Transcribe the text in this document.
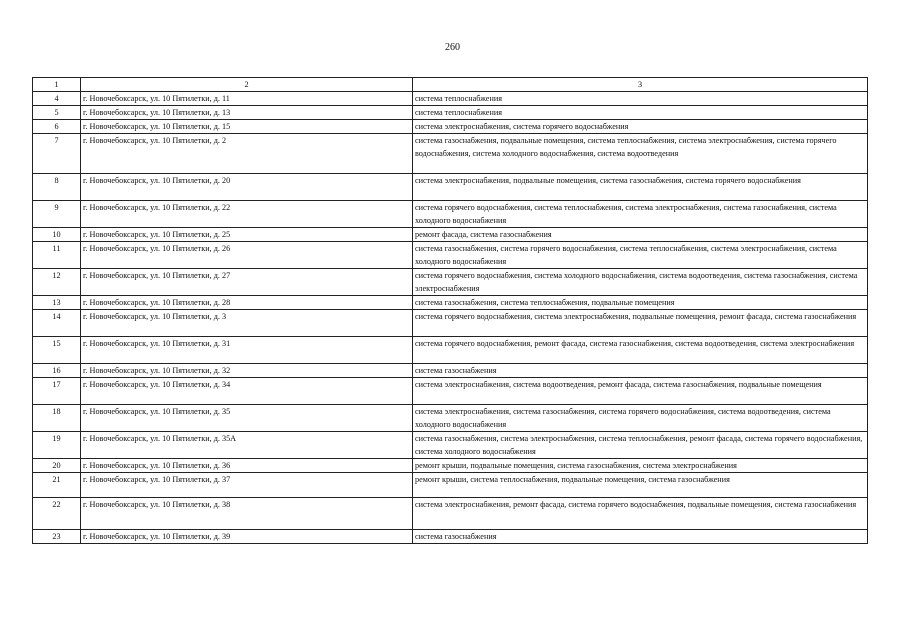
260
1	2	3
4	г. Новочебоксарск, ул. 10 Пятилетки, д. 11	система теплоснабжения
5	г. Новочебоксарск, ул. 10 Пятилетки, д. 13	система теплоснабжения
6	г. Новочебоксарск, ул. 10 Пятилетки, д. 15	система электроснабжения, система горячего водоснабжения
7	г. Новочебоксарск, ул. 10 Пятилетки, д. 2	система газоснабжения, подвальные помещения, система теплоснабжения, система электроснабжения, система горячего водоснабжения, система холодного водоснабжения, система водоотведения
8	г. Новочебоксарск, ул. 10 Пятилетки, д. 20	система электроснабжения, подвальные помещения, система газоснабжения, система горячего водоснабжения
9	г. Новочебоксарск, ул. 10 Пятилетки, д. 22	система горячего водоснабжения, система теплоснабжения, система электроснабжения, система газоснабжения, система холодного водоснабжения
10	г. Новочебоксарск, ул. 10 Пятилетки, д. 25	ремонт фасада, система газоснабжения
11	г. Новочебоксарск, ул. 10 Пятилетки, д. 26	система газоснабжения, система горячего водоснабжения, система теплоснабжения, система электроснабжения, система холодного водоснабжения
12	г. Новочебоксарск, ул. 10 Пятилетки, д. 27	система горячего водоснабжения, система холодного водоснабжения, система водоотведения, система газоснабжения, система электроснабжения
13	г. Новочебоксарск, ул. 10 Пятилетки, д. 28	система газоснабжения, система теплоснабжения, подвальные помещения
14	г. Новочебоксарск, ул. 10 Пятилетки, д. 3	система горячего водоснабжения, система электроснабжения, подвальные помещения, ремонт фасада, система газоснабжения
15	г. Новочебоксарск, ул. 10 Пятилетки, д. 31	система горячего водоснабжения, ремонт фасада, система газоснабжения, система водоотведения, система электроснабжения
16	г. Новочебоксарск, ул. 10 Пятилетки, д. 32	система газоснабжения
17	г. Новочебоксарск, ул. 10 Пятилетки, д. 34	система электроснабжения, система водоотведения, ремонт фасада, система газоснабжения, подвальные помещения
18	г. Новочебоксарск, ул. 10 Пятилетки, д. 35	система электроснабжения, система газоснабжения, система горячего водоснабжения, система водоотведения, система холодного водоснабжения
19	г. Новочебоксарск, ул. 10 Пятилетки, д. 35А	система газоснабжения, система электроснабжения, система теплоснабжения, ремонт фасада, система горячего водоснабжения, система холодного водоснабжения
20	г. Новочебоксарск, ул. 10 Пятилетки, д. 36	ремонт крыши, подвальные помещения, система газоснабжения, система электроснабжения
21	г. Новочебоксарск, ул. 10 Пятилетки, д. 37	ремонт крыши, система теплоснабжения, подвальные помещения, система газоснабжения
22	г. Новочебоксарск, ул. 10 Пятилетки, д. 38	система электроснабжения, ремонт фасада, система горячего водоснабжения, подвальные помещения, система газоснабжения
23	г. Новочебоксарск, ул. 10 Пятилетки, д. 39	система газоснабжения
